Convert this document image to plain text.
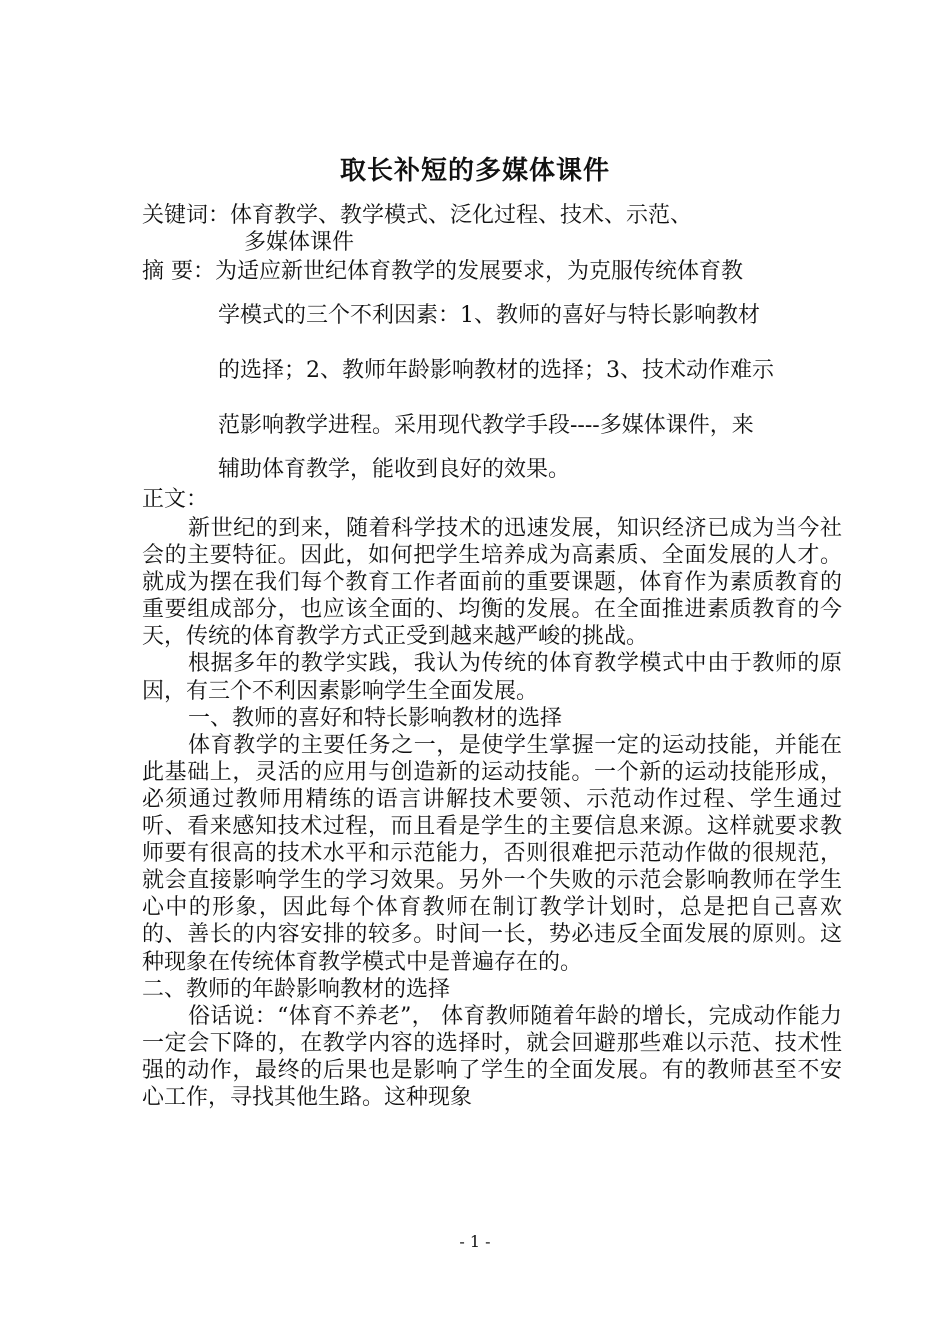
取长补短的多媒体课件
关键词：体育教学、教学模式、泛化过程、技术、示范、
多媒体课件
摘 要：为适应新世纪体育教学的发展要求，为克服传统体育教
学模式的三个不利因素：1、教师的喜好与特长影响教材
的选择；2、教师年龄影响教材的选择；3、技术动作难示
范影响教学进程。采用现代教学手段----多媒体课件，来
辅助体育教学，能收到良好的效果。
正文：

新世纪的到来，随着科学技术的迅速发展，知识经济已成为当今社会的主要特征。因此，如何把学生培养成为高素质、全面发展的人才。就成为摆在我们每个教育工作者面前的重要课题，体育作为素质教育的重要组成部分，也应该全面的、均衡的发展。在全面推进素质教育的今天，传统的体育教学方式正受到越来越严峻的挑战。

根据多年的教学实践，我认为传统的体育教学模式中由于教师的原因，有三个不利因素影响学生全面发展。

一、教师的喜好和特长影响教材的选择

体育教学的主要任务之一，是使学生掌握一定的运动技能，并能在此基础上，灵活的应用与创造新的运动技能。一个新的运动技能形成，必须通过教师用精练的语言讲解技术要领、示范动作过程、学生通过听、看来感知技术过程，而且看是学生的主要信息来源。这样就要求教师要有很高的技术水平和示范能力，否则很难把示范动作做的很规范，就会直接影响学生的学习效果。另外一个失败的示范会影响教师在学生心中的形象，因此每个体育教师在制订教学计划时，总是把自己喜欢的、善长的内容安排的较多。时间一长，势必违反全面发展的原则。这种现象在传统体育教学模式中是普遍存在的。

二、教师的年龄影响教材的选择

俗话说：“体育不养老”， 体育教师随着年龄的增长，完成动作能力一定会下降的，在教学内容的选择时，就会回避那些难以示范、技术性强的动作，最终的后果也是影响了学生的全面发展。有的教师甚至不安心工作，寻找其他生路。这种现象

- 1 -
